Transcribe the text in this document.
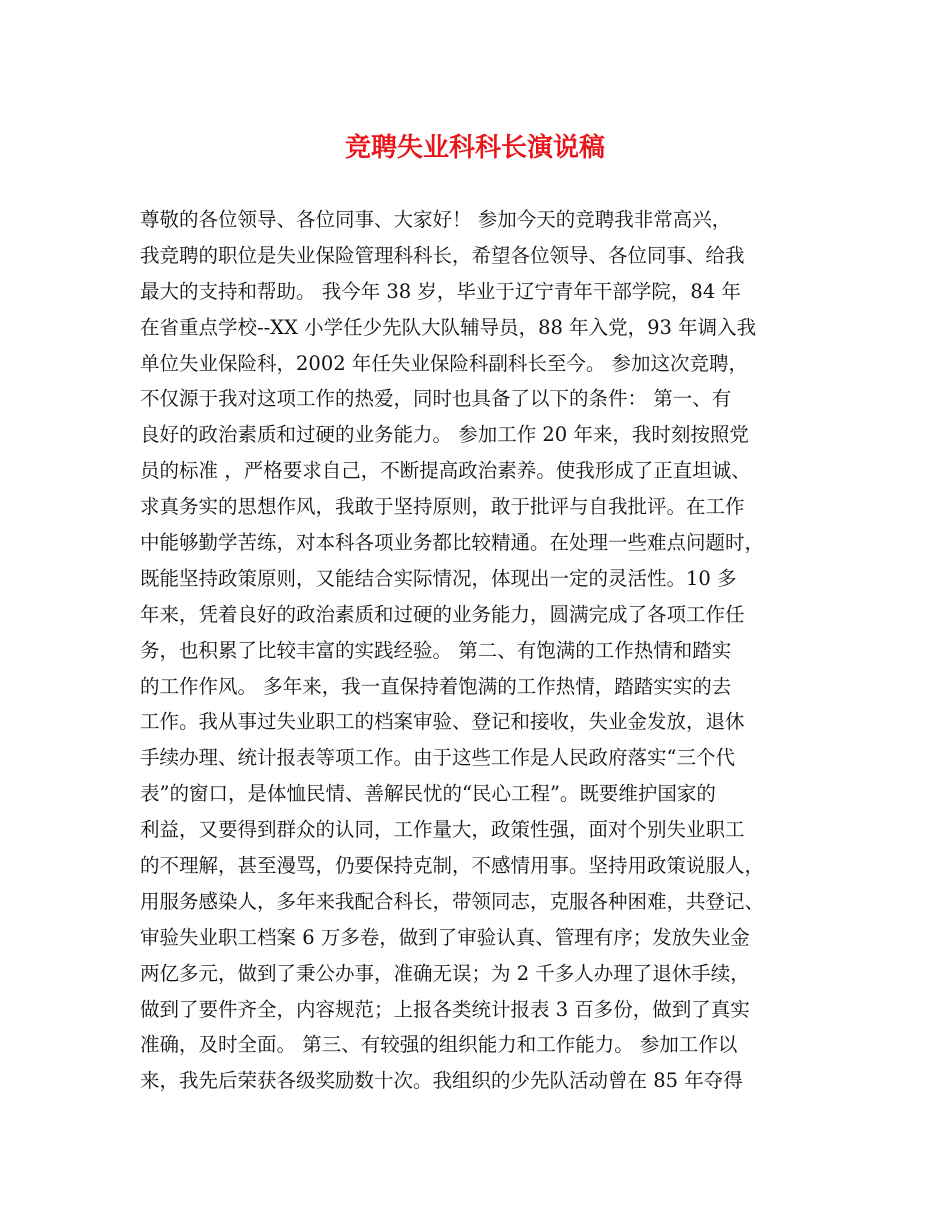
竞聘失业科科长演说稿
尊敬的各位领导、各位同事、大家好！ 参加今天的竞聘我非常高兴，
我竞聘的职位是失业保险管理科科长，希望各位领导、各位同事、给我
最大的支持和帮助。 我今年 38 岁，毕业于辽宁青年干部学院，84 年
在省重点学校--XX 小学任少先队大队辅导员，88 年入党，93 年调入我
单位失业保险科，2002 年任失业保险科副科长至今。 参加这次竞聘，
不仅源于我对这项工作的热爱，同时也具备了以下的条件： 第一、有
良好的政治素质和过硬的业务能力。 参加工作 20 年来，我时刻按照党
员的标准 ，严格要求自己，不断提高政治素养。使我形成了正直坦诚、
求真务实的思想作风，我敢于坚持原则，敢于批评与自我批评。在工作
中能够勤学苦练，对本科各项业务都比较精通。在处理一些难点问题时，
既能坚持政策原则，又能结合实际情况，体现出一定的灵活性。10 多
年来，凭着良好的政治素质和过硬的业务能力，圆满完成了各项工作任
务，也积累了比较丰富的实践经验。 第二、有饱满的工作热情和踏实
的工作作风。 多年来，我一直保持着饱满的工作热情，踏踏实实的去
工作。我从事过失业职工的档案审验、登记和接收，失业金发放，退休
手续办理、统计报表等项工作。由于这些工作是人民政府落实“三个代
表”的窗口，是体恤民情、善解民忧的“民心工程”。既要维护国家的
利益，又要得到群众的认同，工作量大，政策性强，面对个别失业职工
的不理解，甚至漫骂，仍要保持克制，不感情用事。坚持用政策说服人，
用服务感染人，多年来我配合科长，带领同志，克服各种困难，共登记、
审验失业职工档案 6 万多卷，做到了审验认真、管理有序；发放失业金
两亿多元，做到了秉公办事，准确无误；为 2 千多人办理了退休手续，
做到了要件齐全，内容规范；上报各类统计报表 3 百多份，做到了真实
准确，及时全面。 第三、有较强的组织能力和工作能力。 参加工作以
来，我先后荣获各级奖励数十次。我组织的少先队活动曾在 85 年夺得
